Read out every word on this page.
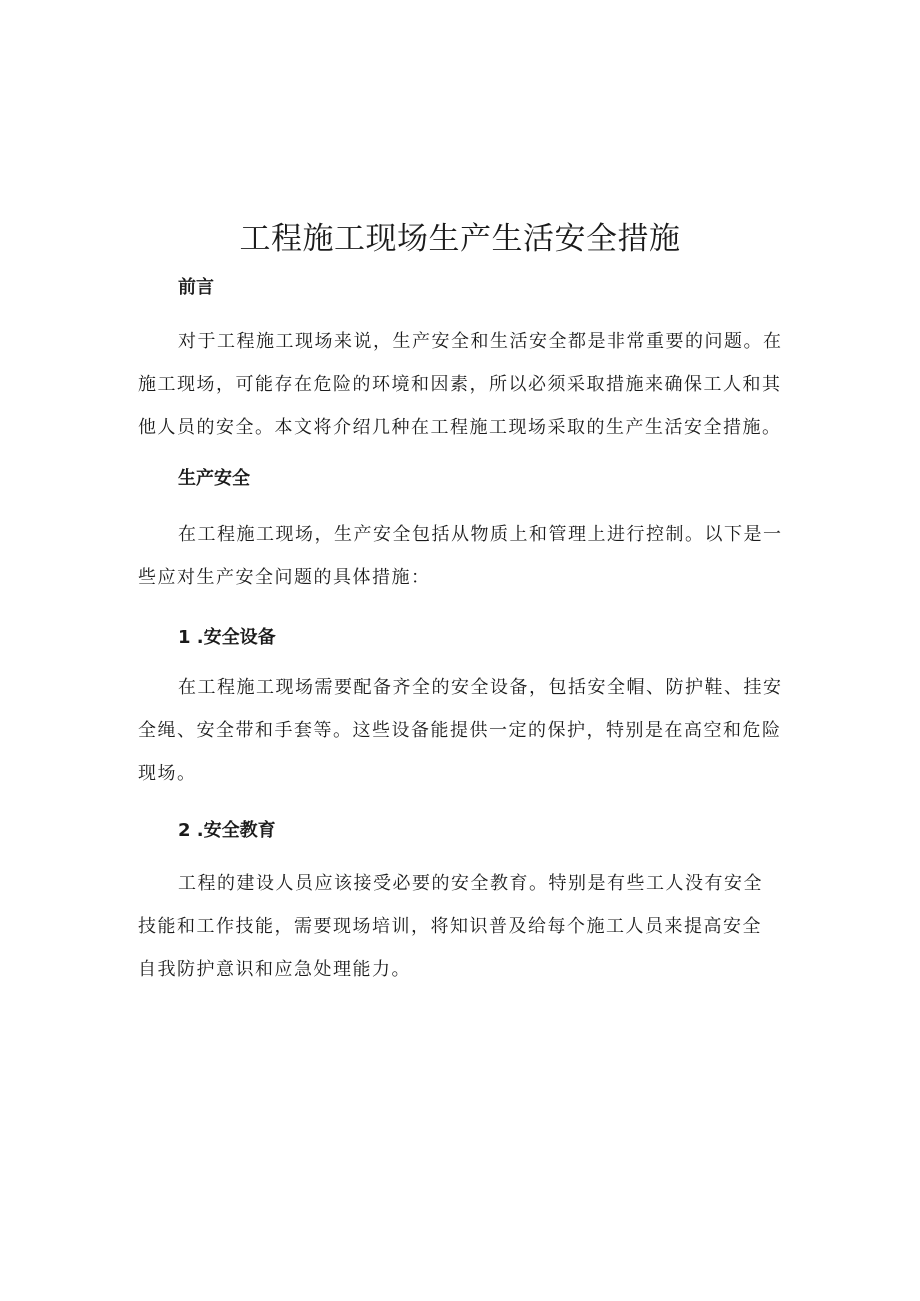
工程施工现场生产生活安全措施
前言

对于工程施工现场来说，生产安全和生活安全都是非常重要的问题。在
施工现场，可能存在危险的环境和因素，所以必须采取措施来确保工人和其
他人员的安全。本文将介绍几种在工程施工现场采取的生产生活安全措施。

生产安全

在工程施工现场，生产安全包括从物质上和管理上进行控制。以下是一
些应对生产安全问题的具体措施：

1 .安全设备

在工程施工现场需要配备齐全的安全设备，包括安全帽、防护鞋、挂安
全绳、安全带和手套等。这些设备能提供一定的保护，特别是在高空和危险
现场。

2 .安全教育

工程的建设人员应该接受必要的安全教育。特别是有些工人没有安全
技能和工作技能，需要现场培训，将知识普及给每个施工人员来提高安全
自我防护意识和应急处理能力。
